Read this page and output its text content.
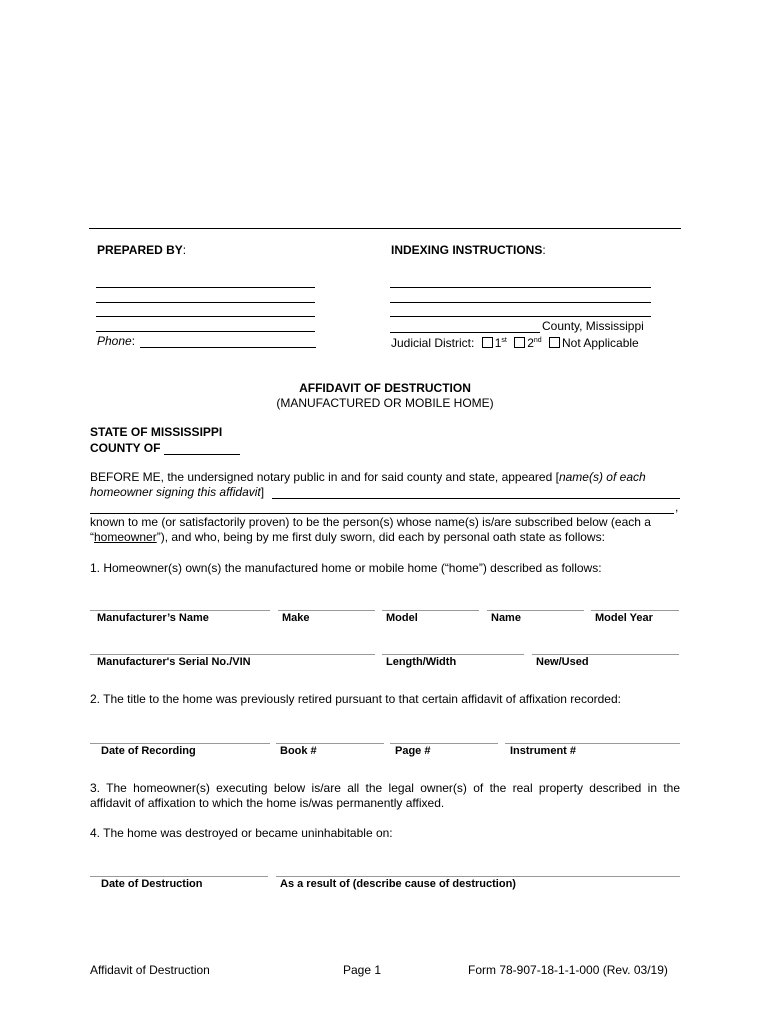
PREPARED BY:
Phone:
INDEXING INSTRUCTIONS:
County, Mississippi
Judicial District: 1st 2nd Not Applicable
AFFIDAVIT OF DESTRUCTION
(MANUFACTURED OR MOBILE HOME)
STATE OF MISSISSIPPI
COUNTY OF
BEFORE ME, the undersigned notary public in and for said county and state, appeared [name(s) of each
homeowner signing this affidavit]
,
known to me (or satisfactorily proven) to be the person(s) whose name(s) is/are subscribed below (each a
“homeowner”), and who, being by me first duly sworn, did each by personal oath state as follows:
1. Homeowner(s) own(s) the manufactured home or mobile home (“home”) described as follows:
Manufacturer’s Name	Make	Model	Name	Model Year
Manufacturer's Serial No./VIN	Length/Width	New/Used
2. The title to the home was previously retired pursuant to that certain affidavit of affixation recorded:
Date of Recording	Book #	Page #	Instrument #
3. The homeowner(s) executing below is/are all the legal owner(s) of the real property described in the
affidavit of affixation to which the home is/was permanently affixed.
4. The home was destroyed or became uninhabitable on:
Date of Destruction	As a result of (describe cause of destruction)
Affidavit of Destruction	Page 1	Form 78-907-18-1-1-000 (Rev. 03/19)
